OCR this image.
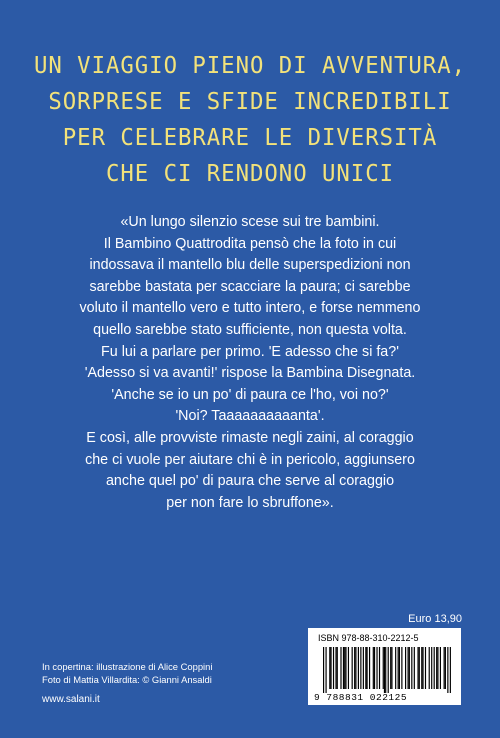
UN VIAGGIO PIENO DI AVVENTURA,
SORPRESE E SFIDE INCREDIBILI
PER CELEBRARE LE DIVERSITÀ
CHE CI RENDONO UNICI
«Un lungo silenzio scese sui tre bambini.
Il Bambino Quattrodita pensò che la foto in cui
indossava il mantello blu delle superspedizioni non
sarebbe bastata per scacciare la paura; ci sarebbe
voluto il mantello vero e tutto intero, e forse nemmeno
quello sarebbe stato sufficiente, non questa volta.
Fu lui a parlare per primo. 'E adesso che si fa?'
'Adesso si va avanti!' rispose la Bambina Disegnata.
'Anche se io un po' di paura ce l'ho, voi no?'
'Noi? Taaaaaaaaaanta'.
E così, alle provviste rimaste negli zaini, al coraggio
che ci vuole per aiutare chi è in pericolo, aggiunsero
anche quel po' di paura che serve al coraggio
per non fare lo sbruffone».
Euro 13,90
ISBN 978-88-310-2212-5
9 788831 022125
In copertina: illustrazione di Alice Coppini
Foto di Mattia Villardita: © Gianni Ansaldi
www.salani.it
